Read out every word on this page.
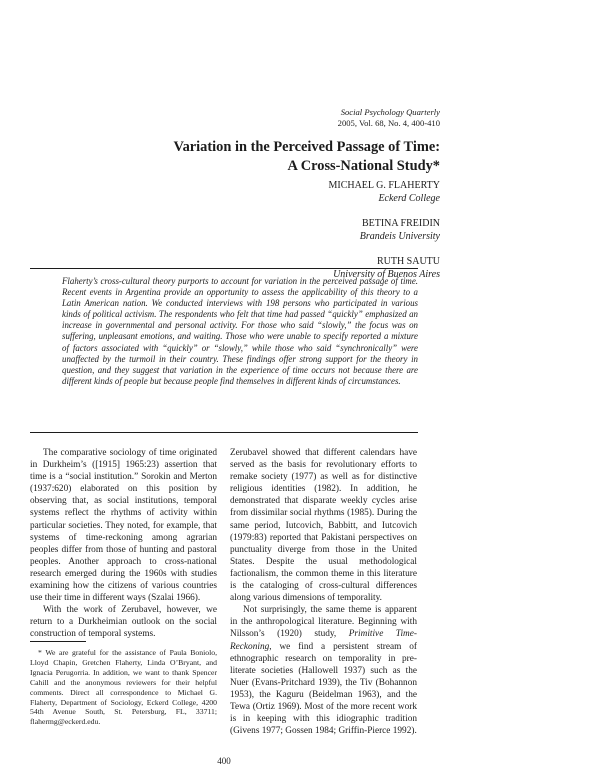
Social Psychology Quarterly
2005, Vol. 68, No. 4, 400-410
Variation in the Perceived Passage of Time:
A Cross-National Study*
MICHAEL G. FLAHERTY
Eckerd College
BETINA FREIDIN
Brandeis University
RUTH SAUTU
University of Buenos Aires
Flaherty’s cross-cultural theory purports to account for variation in the perceived passage of time. Recent events in Argentina provide an opportunity to assess the applicability of this theory to a Latin American nation. We conducted interviews with 198 persons who participated in various kinds of political activism. The respondents who felt that time had passed “quickly” emphasized an increase in governmental and personal activity. For those who said “slowly,” the focus was on suffering, unpleasant emotions, and waiting. Those who were unable to specify reported a mixture of factors associated with “quickly” or “slowly,” while those who said “synchronically” were unaffected by the turmoil in their country. These findings offer strong support for the theory in question, and they suggest that variation in the experience of time occurs not because there are different kinds of people but because people find themselves in different kinds of circumstances.

The comparative sociology of time originated in Durkheim’s ([1915] 1965:23) assertion that time is a “social institution.” Sorokin and Merton (1937:620) elaborated on this position by observing that, as social institutions, temporal systems reflect the rhythms of activity within particular societies. They noted, for example, that systems of time-reckoning among agrarian peoples differ from those of hunting and pastoral peoples. Another approach to cross-national research emerged during the 1960s with studies examining how the citizens of various countries use their time in different ways (Szalai 1966).

With the work of Zerubavel, however, we return to a Durkheimian outlook on the social construction of temporal systems.

Zerubavel showed that different calendars have served as the basis for revolutionary efforts to remake society (1977) as well as for distinctive religious identities (1982). In addition, he demonstrated that disparate weekly cycles arise from dissimilar social rhythms (1985). During the same period, Iutcovich, Babbitt, and Iutcovich (1979:83) reported that Pakistani perspectives on punctuality diverge from those in the United States. Despite the usual methodological factionalism, the common theme in this literature is the cataloging of cross-cultural differences along various dimensions of temporality.

Not surprisingly, the same theme is apparent in the anthropological literature. Beginning with Nilsson’s (1920) study, Primitive Time-Reckoning, we find a persistent stream of ethnographic research on temporality in pre-literate societies (Hallowell 1937) such as the Nuer (Evans-Pritchard 1939), the Tiv (Bohannon 1953), the Kaguru (Beidelman 1963), and the Tewa (Ortiz 1969). Most of the more recent work is in keeping with this idiographic tradition (Givens 1977; Gossen 1984; Griffin-Pierce 1992).

* We are grateful for the assistance of Paula Boniolo, Lloyd Chapin, Gretchen Flaherty, Linda O’Bryant, and Ignacia Perugorria. In addition, we want to thank Spencer Cahill and the anonymous reviewers for their helpful comments. Direct all correspondence to Michael G. Flaherty, Department of Sociology, Eckerd College, 4200 54th Avenue South, St. Petersburg, FL, 33711; flahermg@eckerd.edu.

400
